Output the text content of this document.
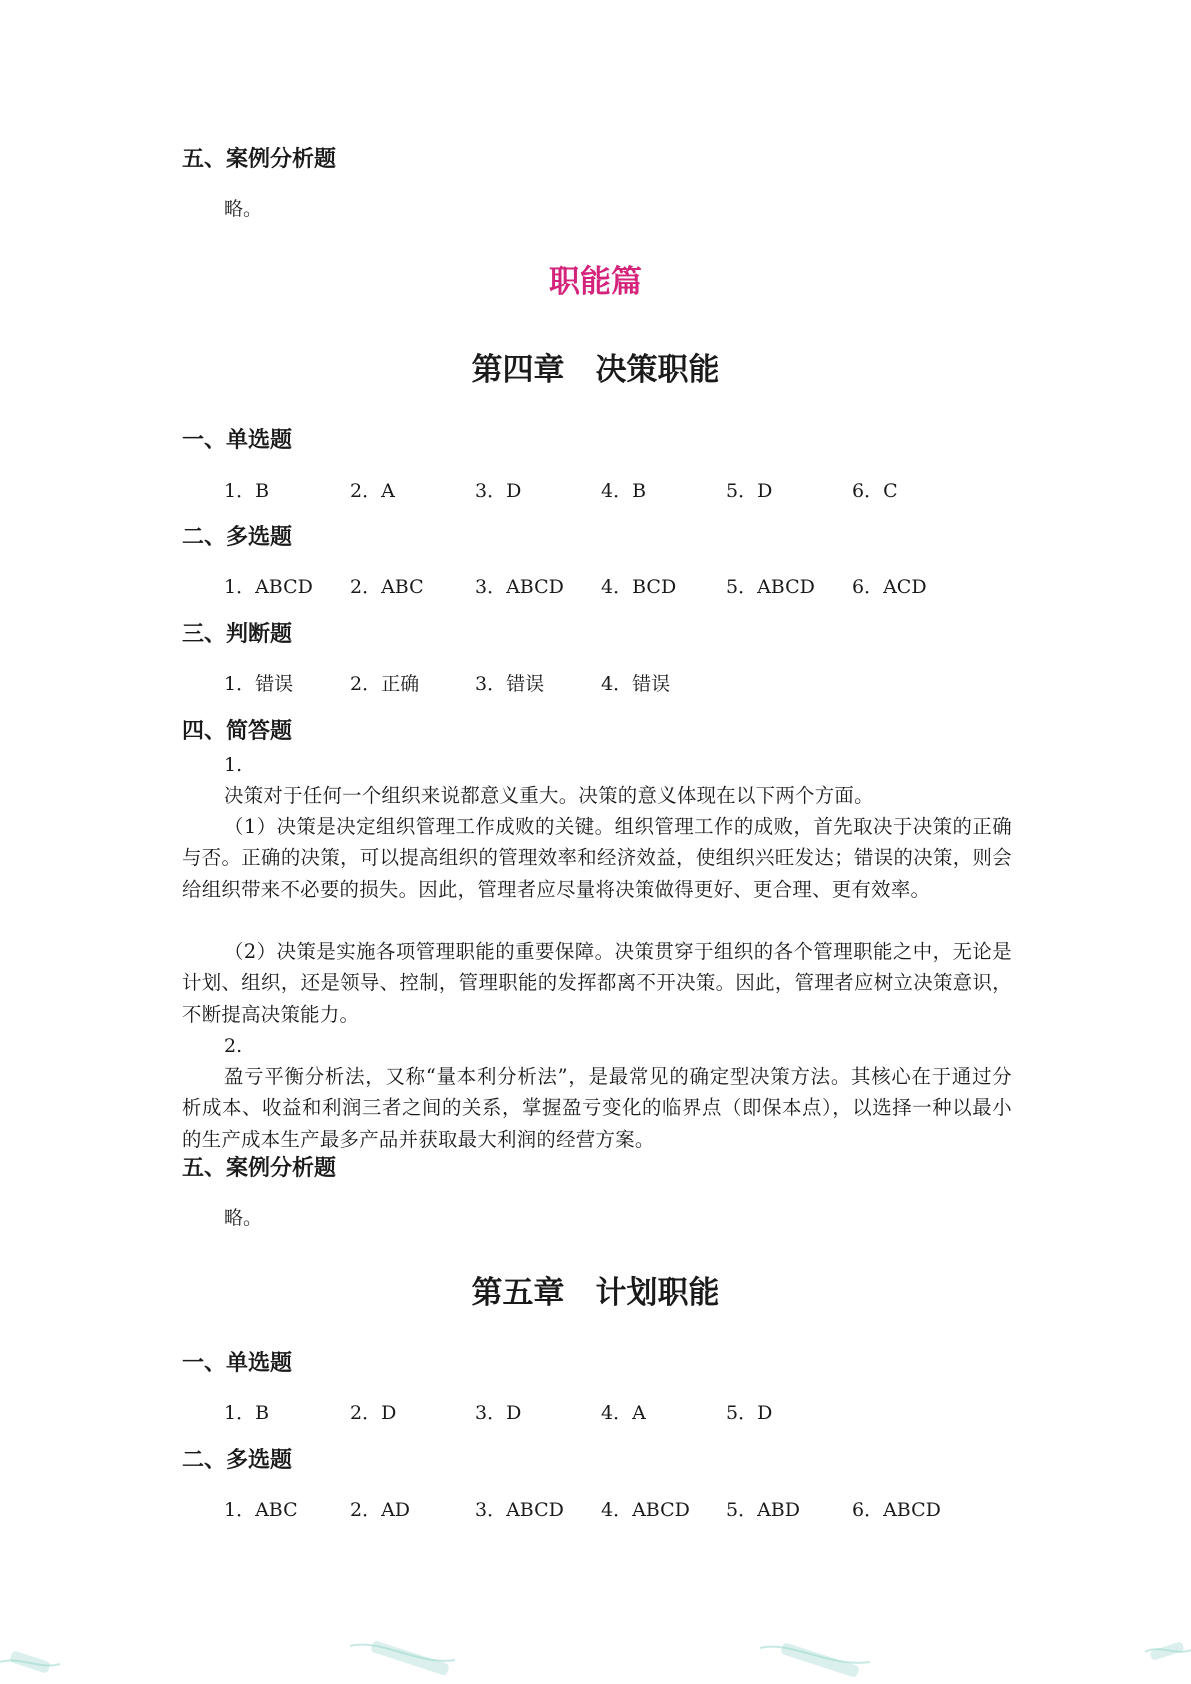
五、案例分析题
略。
职能篇
第四章　决策职能
一、单选题
1．B	2．A	3．D	4．B	5．D	6．C
二、多选题
1．ABCD 2．ABC	3．ABCD 4．BCD	5．ABCD 6．ACD
三、判断题
1．错误	2．正确	3．错误	4．错误
四、简答题
1.
决策对于任何一个组织来说都意义重大。决策的意义体现在以下两个方面。
（1）决策是决定组织管理工作成败的关键。组织管理工作的成败，首先取决于决策的正确与否。正确的决策，可以提高组织的管理效率和经济效益，使组织兴旺发达；错误的决策，则会给组织带来不必要的损失。因此，管理者应尽量将决策做得更好、更合理、更有效率。
（2）决策是实施各项管理职能的重要保障。决策贯穿于组织的各个管理职能之中，无论是计划、组织，还是领导、控制，管理职能的发挥都离不开决策。因此，管理者应树立决策意识，不断提高决策能力。
2.
盈亏平衡分析法，又称“量本利分析法”，是最常见的确定型决策方法。其核心在于通过分析成本、收益和利润三者之间的关系，掌握盈亏变化的临界点（即保本点），以选择一种以最小的生产成本生产最多产品并获取最大利润的经营方案。
五、案例分析题
略。
第五章　计划职能
一、单选题
1．B	2．D	3．D	4．A	5．D
二、多选题
1．ABC	2．AD	3．ABCD 4．ABCD 5．ABD	6．ABCD
